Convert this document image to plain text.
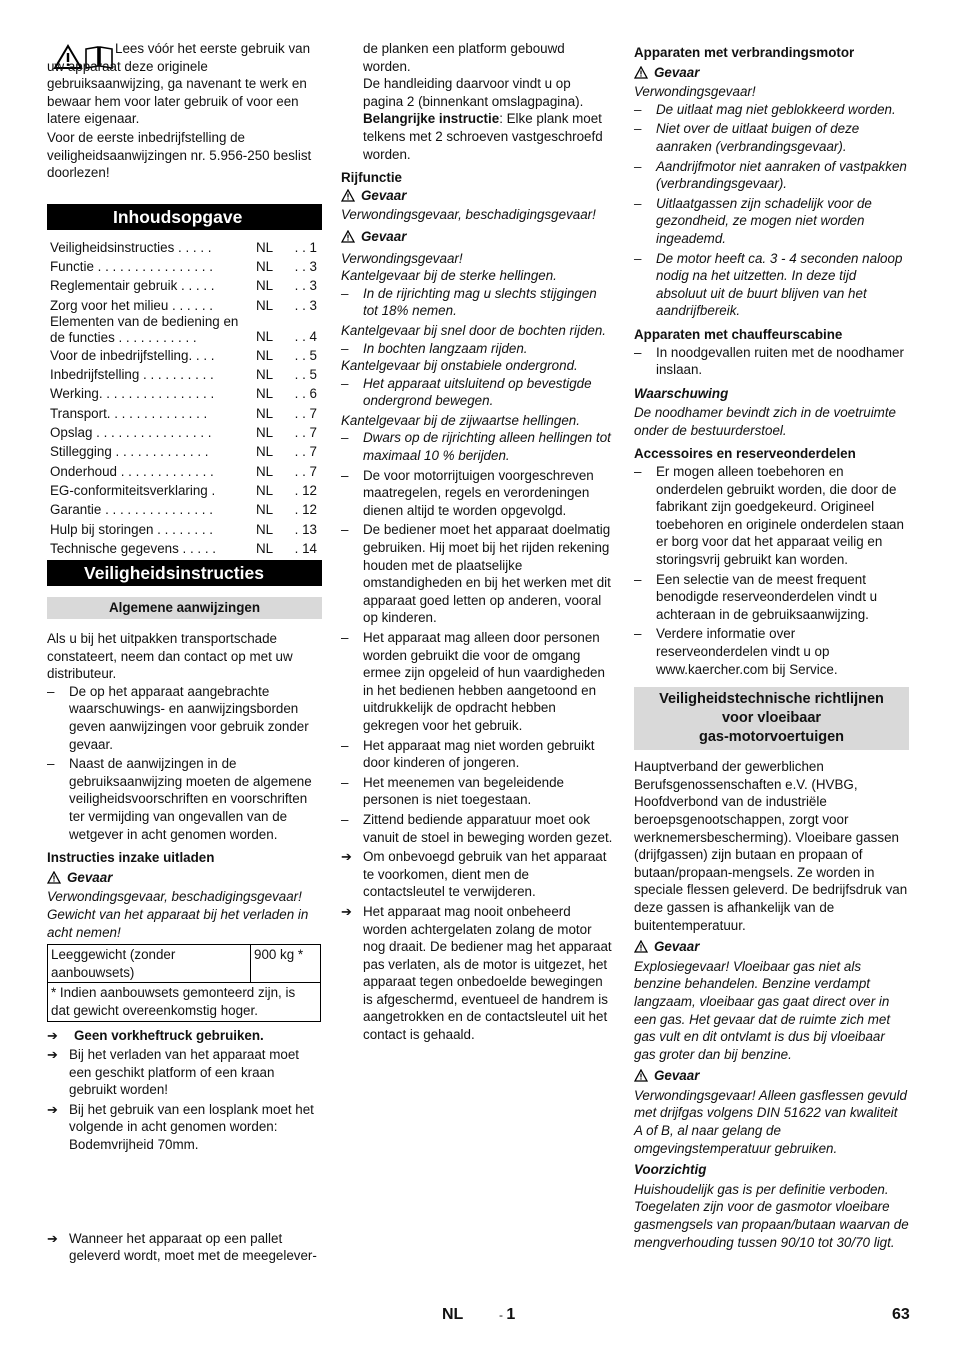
Lees vóór het eerste gebruik van uw apparaat deze originele gebruiksaanwijzing, ga navenant te werk en bewaar hem voor later gebruik of voor een latere eigenaar.

Voor de eerste inbedrijfstelling de veiligheidsaanwijzingen nr. 5.956-250 beslist doorlezen!

Inhoudsopgave

Veiligheidsinstructies . . . . .	NL	. . 1
Functie . . . . . . . . . . . . . . . .	NL	. . 3
Reglementair gebruik . . . . .	NL	. . 3
Zorg voor het milieu . . . . . .	NL	. . 3
Elementen van de bediening en de functies . . . . . . . . . . .	NL	. . 4
Voor de inbedrijfstelling. . . .	NL	. . 5
Inbedrijfstelling . . . . . . . . . .	NL	. . 5
Werking. . . . . . . . . . . . . . . .	NL	. . 6
Transport. . . . . . . . . . . . . .	NL	. . 7
Opslag . . . . . . . . . . . . . . . .	NL	. . 7
Stillegging . . . . . . . . . . . . .	NL	. . 7
Onderhoud . . . . . . . . . . . . .	NL	. . 7
EG-conformiteitsverklaring .	NL	. 12
Garantie . . . . . . . . . . . . . . .	NL	. 12
Hulp bij storingen . . . . . . . .	NL	. 13
Technische gegevens . . . . .	NL	. 14

Veiligheidsinstructies

Algemene aanwijzingen

Als u bij het uitpakken transportschade constateert, neem dan contact op met uw distributeur.

– De op het apparaat aangebrachte waarschuwings- en aanwijzingsborden geven aanwijzingen voor gebruik zonder gevaar.
– Naast de aanwijzingen in de gebruiksaanwijzing moeten de algemene veiligheidsvoorschriften en voorschriften ter vermijding van ongevallen van de wetgever in acht genomen worden.

Instructies inzake uitladen

Gevaar

Verwondingsgevaar, beschadigingsgevaar!

Gewicht van het apparaat bij het verladen in acht nemen!

Leeggewicht (zonder aanbouwsets)	900 kg *
* Indien aanbouwsets gemonteerd zijn, is dat gewicht overeenkomstig hoger.
➔ Geen vorkheftruck gebruiken.
➔ Bij het verladen van het apparaat moet een geschikt platform of een kraan gebruikt worden!
➔ Bij het gebruik van een losplank moet het volgende in acht genomen worden: Bodemvrijheid 70mm.
➔ Wanneer het apparaat op een pallet geleverd wordt, moet met de meegelever-

de planken een platform gebouwd worden.

De handleiding daarvoor vindt u op pagina 2 (binnenkant omslagpagina).

Belangrijke instructie: Elke plank moet telkens met 2 schroeven vastgeschroefd worden.

Rijfunctie

Gevaar

Verwondingsgevaar, beschadigingsgevaar!

Gevaar

Verwondingsgevaar!

Kantelgevaar bij de sterke hellingen.

– In de rijrichting mag u slechts stijgingen tot 18% nemen.

Kantelgevaar bij snel door de bochten rijden.

– In bochten langzaam rijden.

Kantelgevaar bij onstabiele ondergrond.

– Het apparaat uitsluitend op bevestigde ondergrond bewegen.

Kantelgevaar bij de zijwaartse hellingen.

– Dwars op de rijrichting alleen hellingen tot maximaal 10 % berijden.
– De voor motorrijtuigen voorgeschreven maatregelen, regels en verordeningen dienen altijd te worden opgevolgd.
– De bediener moet het apparaat doelmatig gebruiken. Hij moet bij het rijden rekening houden met de plaatselijke omstandigheden en bij het werken met dit apparaat goed letten op anderen, vooral op kinderen.
– Het apparaat mag alleen door personen worden gebruikt die voor de omgang ermee zijn opgeleid of hun vaardigheden in het bedienen hebben aangetoond en uitdrukkelijk de opdracht hebben gekregen voor het gebruik.
– Het apparaat mag niet worden gebruikt door kinderen of jongeren.
– Het meenemen van begeleidende personen is niet toegestaan.
– Zittend bediende apparatuur moet ook vanuit de stoel in beweging worden gezet.
➔ Om onbevoegd gebruik van het apparaat te voorkomen, dient men de contactsleutel te verwijderen.
➔ Het apparaat mag nooit onbeheerd worden achtergelaten zolang de motor nog draait. De bediener mag het apparaat pas verlaten, als de motor is uitgezet, het apparaat tegen onbedoelde bewegingen is afgeschermd, eventueel de handrem is aangetrokken en de contactsleutel uit het contact is gehaald.

Apparaten met verbrandingsmotor

Gevaar

Verwondingsgevaar!

– De uitlaat mag niet geblokkeerd worden.
– Niet over de uitlaat buigen of deze aanraken (verbrandingsgevaar).
– Aandrijfmotor niet aanraken of vastpakken (verbrandingsgevaar).
– Uitlaatgassen zijn schadelijk voor de gezondheid, ze mogen niet worden ingeademd.
– De motor heeft ca. 3 - 4 seconden naloop nodig na het uitzetten. In deze tijd absoluut uit de buurt blijven van het aandrijfbereik.

Apparaten met chauffeurscabine

– In noodgevallen ruiten met de noodhamer inslaan.

Waarschuwing

De noodhamer bevindt zich in de voetruimte onder de bestuurderstoel.

Accessoires en reserveonderdelen

– Er mogen alleen toebehoren en onderdelen gebruikt worden, die door de fabrikant zijn goedgekeurd. Origineel toebehoren en originele onderdelen staan er borg voor dat het apparaat veilig en storingsvrij gebruikt kan worden.
– Een selectie van de meest frequent benodigde reserveonderdelen vindt u achteraan in de gebruiksaanwijzing.
– Verdere informatie over reserveonderdelen vindt u op www.kaercher.com bij Service.
Veiligheidstechnische richtlijnen
voor vloeibaar
gas-motorvoertuigen

Hauptverband der gewerblichen Berufsgenossenschaften e.V. (HVBG, Hoofdverbond van de industriële beroepsgenootschappen, zorgt voor werknemersbescherming). Vloeibare gassen (drijfgassen) zijn butaan en propaan of butaan/propaan-mengsels. Ze worden in speciale flessen geleverd. De bedrijfsdruk van deze gassen is afhankelijk van de buitentemperatuur.

Gevaar

Explosiegevaar! Vloeibaar gas niet als benzine behandelen. Benzine verdampt langzaam, vloeibaar gas gaat direct over in een gas. Het gevaar dat de ruimte zich met gas vult en dit ontvlamt is dus bij vloeibaar gas groter dan bij benzine.

Gevaar

Verwondingsgevaar! Alleen gasflessen gevuld met drijfgas volgens DIN 51622 van kwaliteit A of B, al naar gelang de omgevingstemperatuur gebruiken.

Voorzichtig

Huishoudelijk gas is per definitie verboden. Toegelaten zijn voor de gasmotor vloeibare gasmengsels van propaan/butaan waarvan de mengverhouding tussen 90/10 tot 30/70 ligt.

NL	- 1	63
